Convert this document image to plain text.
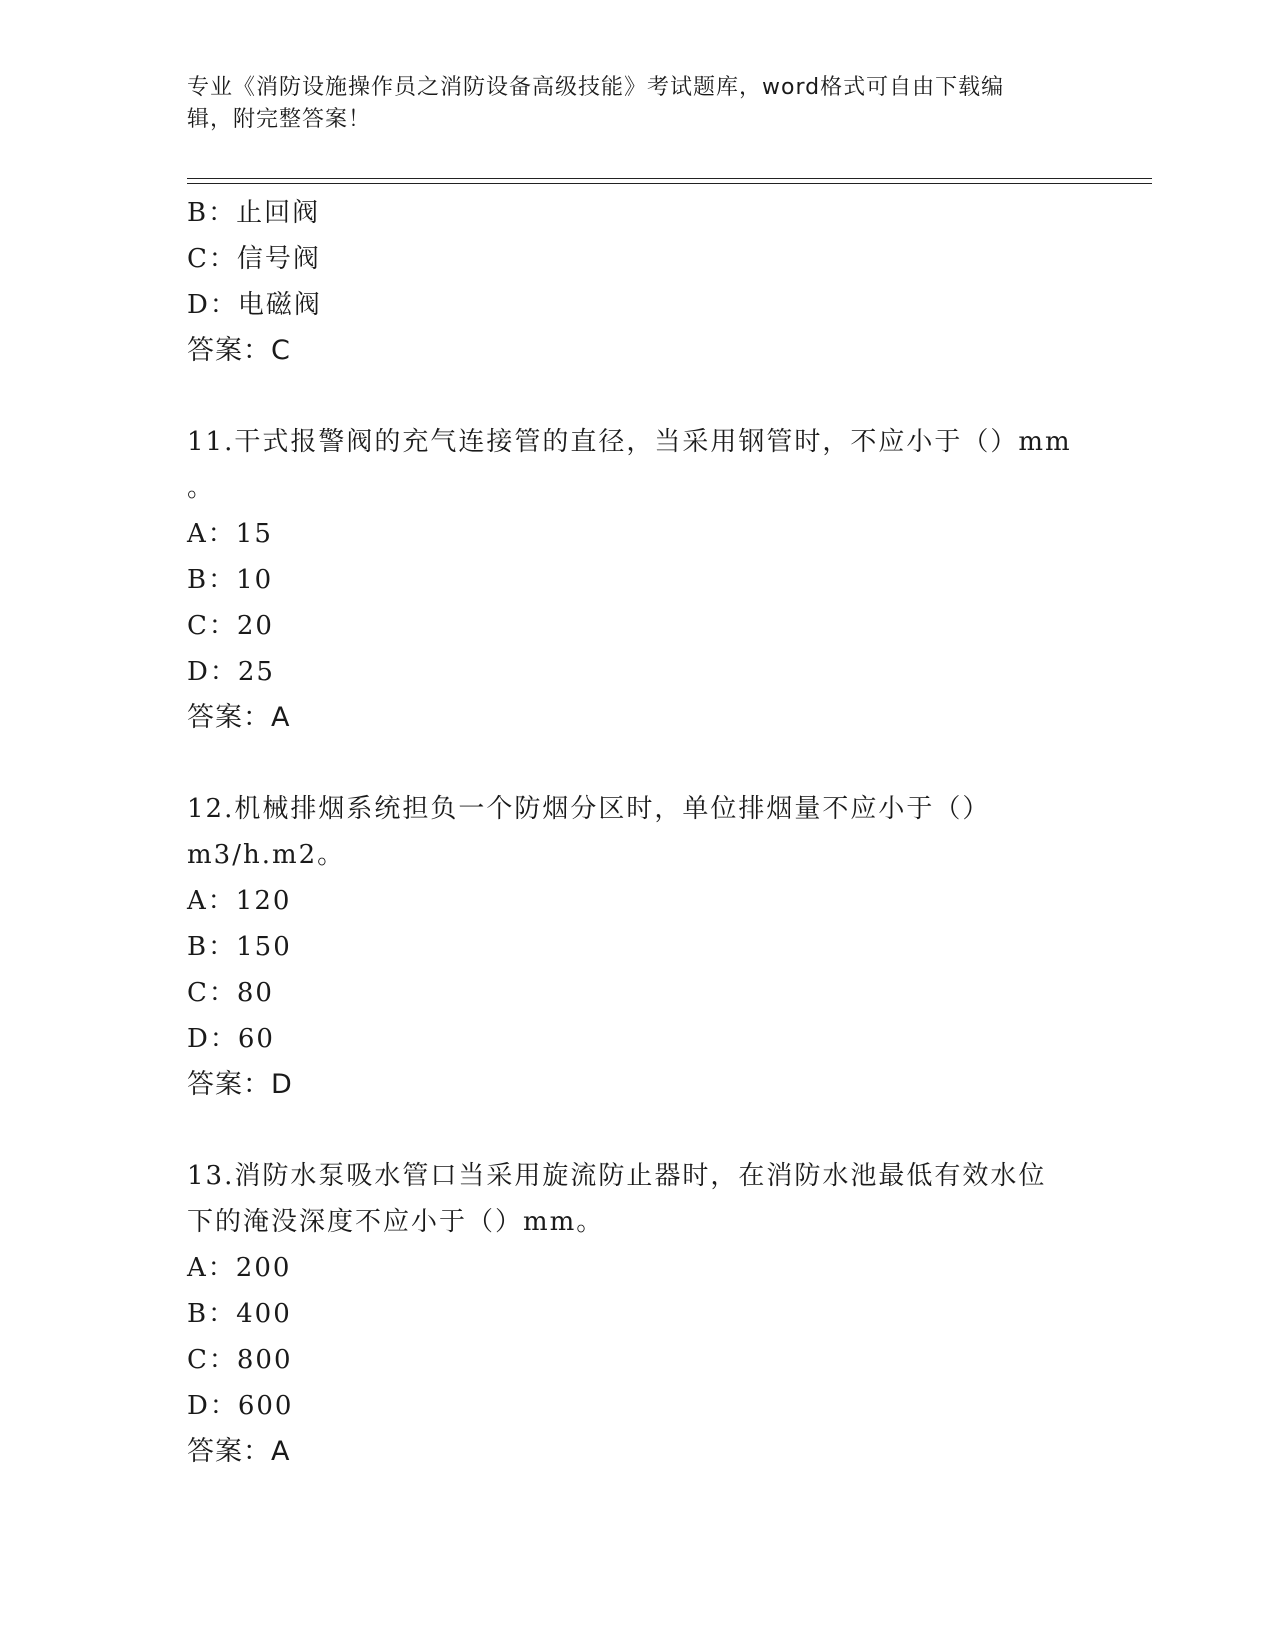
专业《消防设施操作员之消防设备高级技能》考试题库，word格式可自由下载编
辑，附完整答案！
B：止回阀
C：信号阀
D：电磁阀
答案：C
11.干式报警阀的充气连接管的直径，当采用钢管时，不应小于（）mm
。
A：15
B：10
C：20
D：25
答案：A
12.机械排烟系统担负一个防烟分区时，单位排烟量不应小于（）
m3/h.m2。
A：120
B：150
C：80
D：60
答案：D
13.消防水泵吸水管口当采用旋流防止器时，在消防水池最低有效水位
下的淹没深度不应小于（）mm。
A：200
B：400
C：800
D：600
答案：A
